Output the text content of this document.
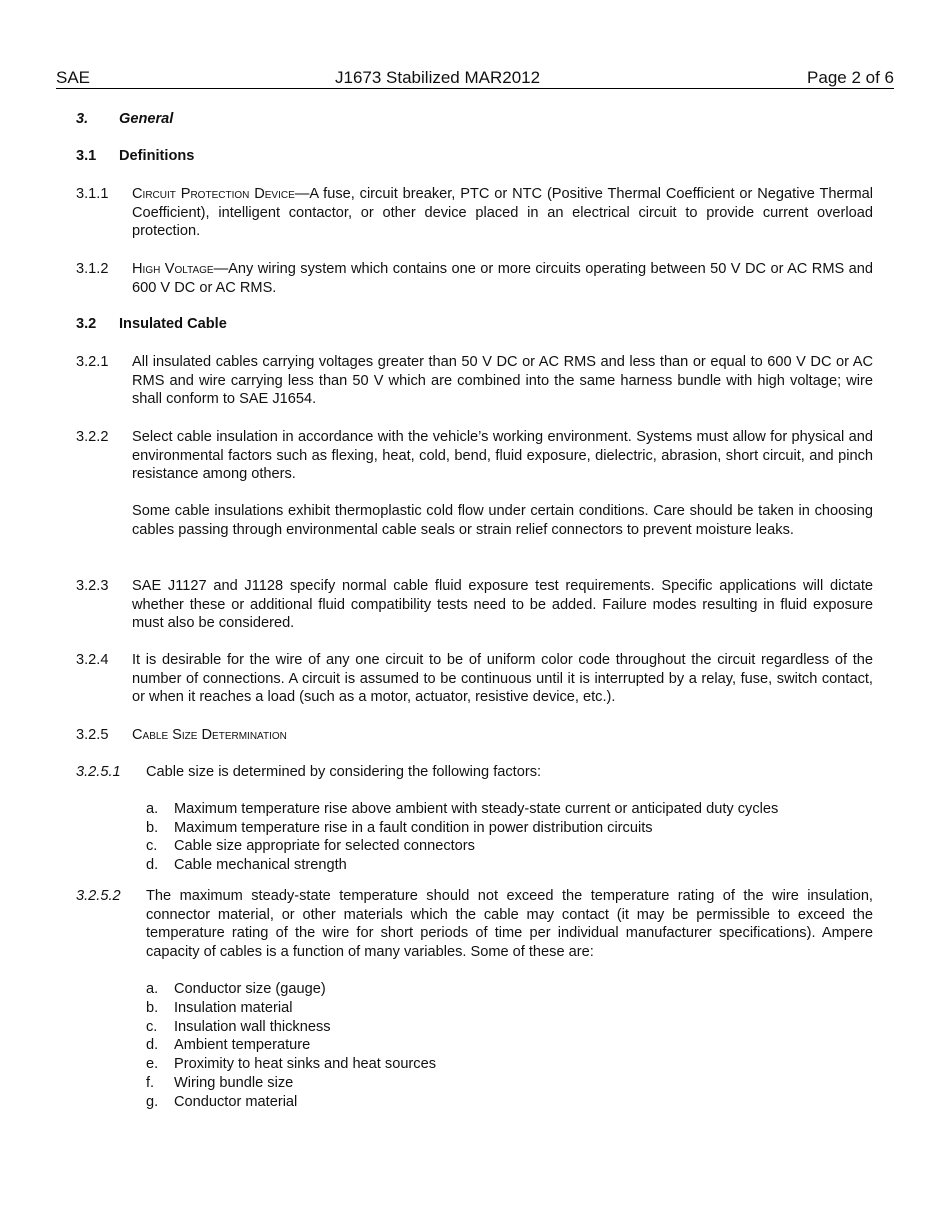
SAE	J1673 Stabilized MAR2012	Page 2 of 6
3. General
3.1 Definitions
3.1.1 Circuit Protection Device—A fuse, circuit breaker, PTC or NTC (Positive Thermal Coefficient or Negative Thermal Coefficient), intelligent contactor, or other device placed in an electrical circuit to provide current overload protection.
3.1.2 High Voltage—Any wiring system which contains one or more circuits operating between 50 V DC or AC RMS and 600 V DC or AC RMS.
3.2 Insulated Cable
3.2.1 All insulated cables carrying voltages greater than 50 V DC or AC RMS and less than or equal to 600 V DC or AC RMS and wire carrying less than 50 V which are combined into the same harness bundle with high voltage; wire shall conform to SAE J1654.
3.2.2 Select cable insulation in accordance with the vehicle’s working environment. Systems must allow for physical and environmental factors such as flexing, heat, cold, bend, fluid exposure, dielectric, abrasion, short circuit, and pinch resistance among others.
Some cable insulations exhibit thermoplastic cold flow under certain conditions. Care should be taken in choosing cables passing through environmental cable seals or strain relief connectors to prevent moisture leaks.
3.2.3 SAE J1127 and J1128 specify normal cable fluid exposure test requirements. Specific applications will dictate whether these or additional fluid compatibility tests need to be added. Failure modes resulting in fluid exposure must also be considered.
3.2.4 It is desirable for the wire of any one circuit to be of uniform color code throughout the circuit regardless of the number of connections. A circuit is assumed to be continuous until it is interrupted by a relay, fuse, switch contact, or when it reaches a load (such as a motor, actuator, resistive device, etc.).
3.2.5 Cable Size Determination
3.2.5.1 Cable size is determined by considering the following factors:
a. Maximum temperature rise above ambient with steady-state current or anticipated duty cycles
b. Maximum temperature rise in a fault condition in power distribution circuits
c. Cable size appropriate for selected connectors
d. Cable mechanical strength
3.2.5.2 The maximum steady-state temperature should not exceed the temperature rating of the wire insulation, connector material, or other materials which the cable may contact (it may be permissible to exceed the temperature rating of the wire for short periods of time per individual manufacturer specifications). Ampere capacity of cables is a function of many variables. Some of these are:
a. Conductor size (gauge)
b. Insulation material
c. Insulation wall thickness
d. Ambient temperature
e. Proximity to heat sinks and heat sources
f. Wiring bundle size
g. Conductor material
